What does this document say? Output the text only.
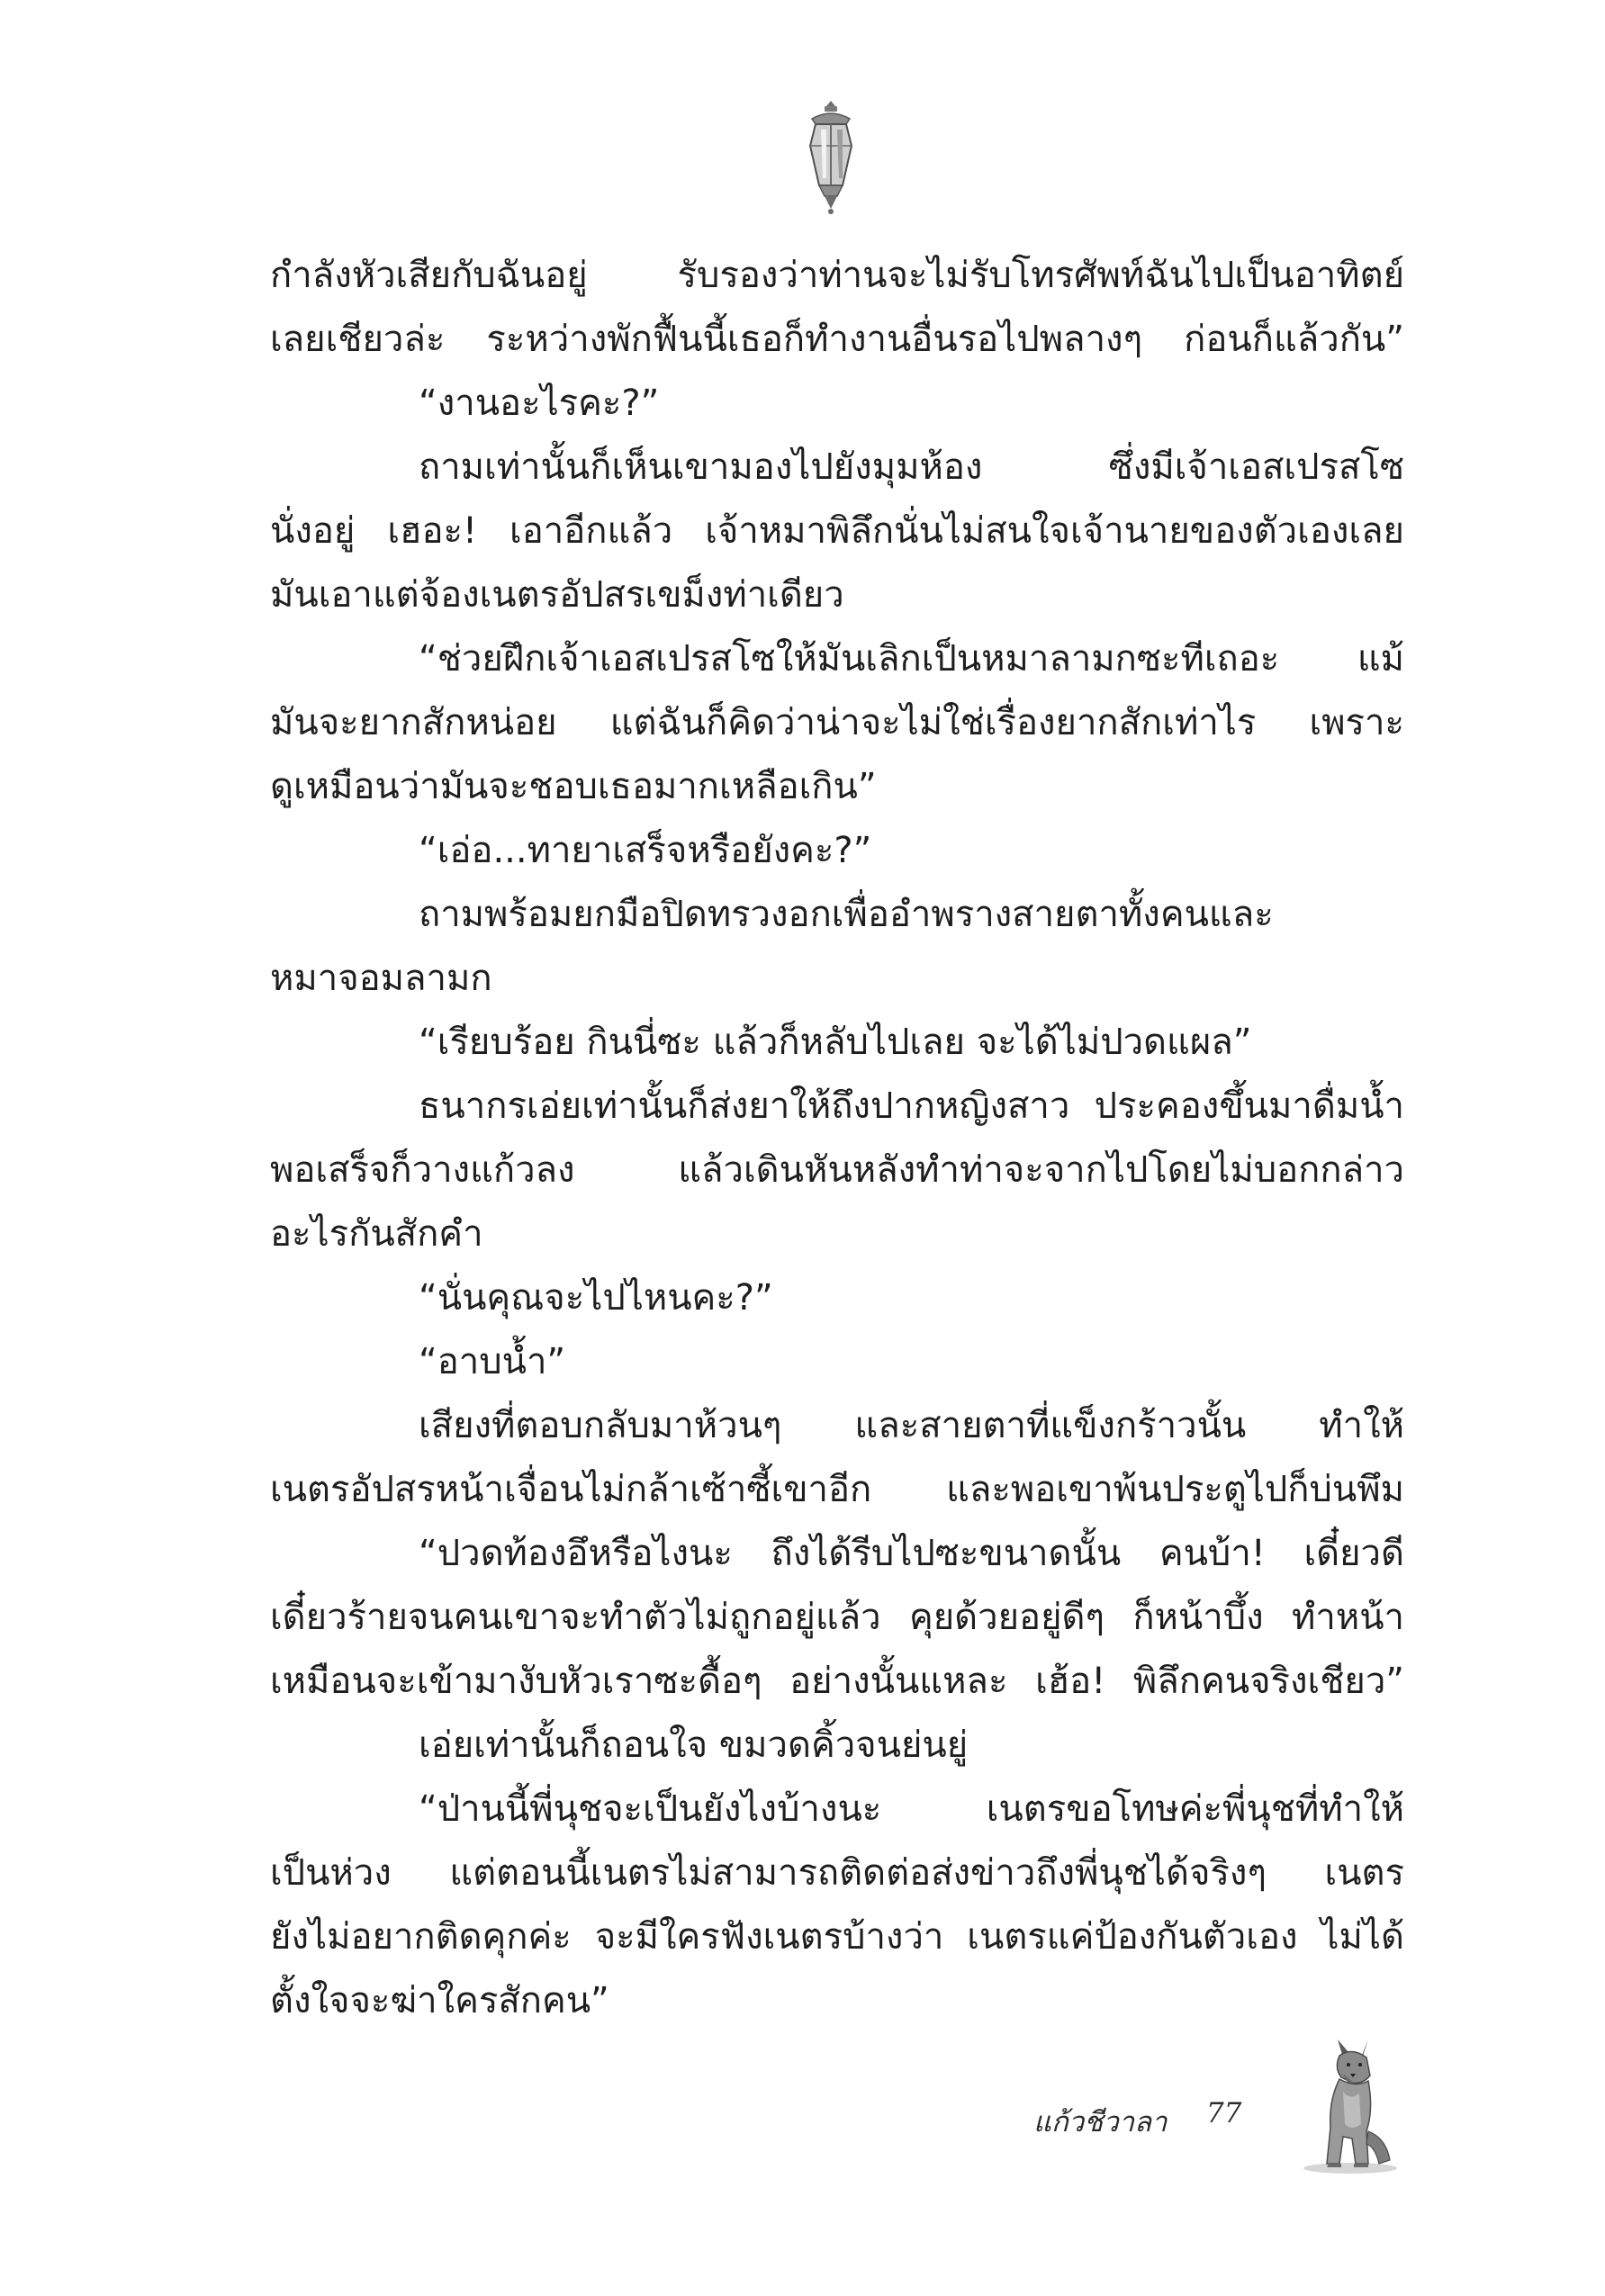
กำลังหัวเสียกับฉันอยู่ รับรองว่าท่านจะไม่รับโทรศัพท์ฉันไปเป็นอาทิตย์
เลยเชียวล่ะ ระหว่างพักฟื้นนี้เธอก็ทำงานอื่นรอไปพลางๆ ก่อนก็แล้วกัน”
“งานอะไรคะ?”
ถามเท่านั้นก็เห็นเขามองไปยังมุมห้อง ซึ่งมีเจ้าเอสเปรสโซ
นั่งอยู่ เฮอะ! เอาอีกแล้ว เจ้าหมาพิลึกนั่นไม่สนใจเจ้านายของตัวเองเลย
มันเอาแต่จ้องเนตรอัปสรเขม็งท่าเดียว
“ช่วยฝึกเจ้าเอสเปรสโซให้มันเลิกเป็นหมาลามกซะทีเถอะ แม้
มันจะยากสักหน่อย แต่ฉันก็คิดว่าน่าจะไม่ใช่เรื่องยากสักเท่าไร เพราะ
ดูเหมือนว่ามันจะชอบเธอมากเหลือเกิน”
“เอ่อ...ทายาเสร็จหรือยังคะ?”
ถามพร้อมยกมือปิดทรวงอกเพื่ออำพรางสายตาทั้งคนและ
หมาจอมลามก
“เรียบร้อย กินนี่ซะ แล้วก็หลับไปเลย จะได้ไม่ปวดแผล”
ธนากรเอ่ยเท่านั้นก็ส่งยาให้ถึงปากหญิงสาว ประคองขึ้นมาดื่มน้ำ
พอเสร็จก็วางแก้วลง แล้วเดินหันหลังทำท่าจะจากไปโดยไม่บอกกล่าว
อะไรกันสักคำ
“นั่นคุณจะไปไหนคะ?”
“อาบน้ำ”
เสียงที่ตอบกลับมาห้วนๆ และสายตาที่แข็งกร้าวนั้น ทำให้
เนตรอัปสรหน้าเจื่อนไม่กล้าเซ้าซี้เขาอีก และพอเขาพ้นประตูไปก็บ่นพึม
“ปวดท้องอึหรือไงนะ ถึงได้รีบไปซะขนาดนั้น คนบ้า! เดี๋ยวดี
เดี๋ยวร้ายจนคนเขาจะทำตัวไม่ถูกอยู่แล้ว คุยด้วยอยู่ดีๆ ก็หน้าบึ้ง ทำหน้า
เหมือนจะเข้ามางับหัวเราซะดื้อๆ อย่างนั้นแหละ เฮ้อ! พิลึกคนจริงเชียว”
เอ่ยเท่านั้นก็ถอนใจ ขมวดคิ้วจนย่นยู่
“ป่านนี้พี่นุชจะเป็นยังไงบ้างนะ เนตรขอโทษค่ะพี่นุชที่ทำให้
เป็นห่วง แต่ตอนนี้เนตรไม่สามารถติดต่อส่งข่าวถึงพี่นุชได้จริงๆ เนตร
ยังไม่อยากติดคุกค่ะ จะมีใครฟังเนตรบ้างว่า เนตรแค่ป้องกันตัวเอง ไม่ได้
ตั้งใจจะฆ่าใครสักคน”
แก้วชีวาลา 77
